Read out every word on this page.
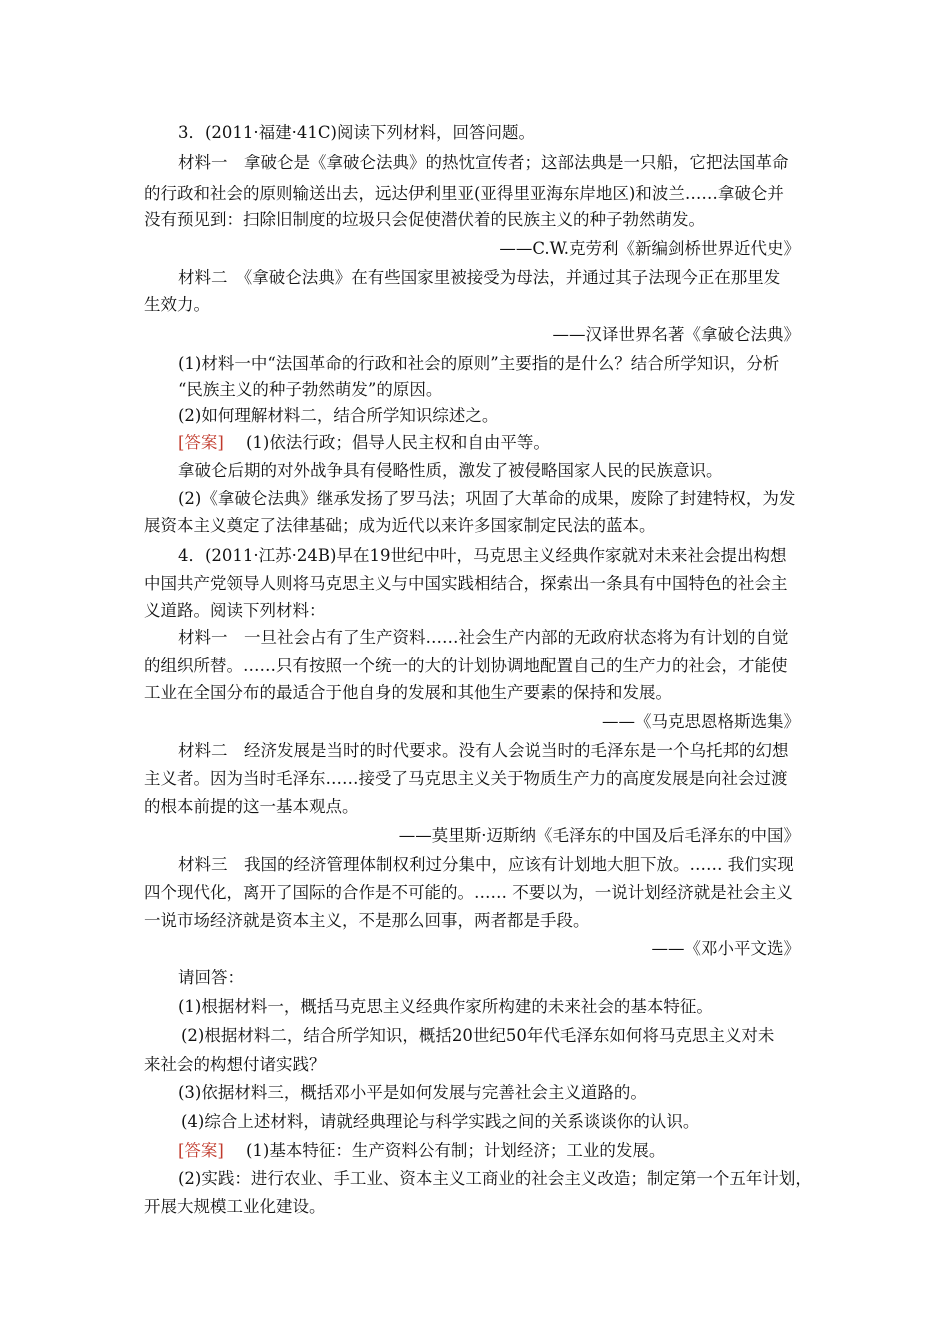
3．(2011·福建·41C)阅读下列材料，回答问题。
材料一　拿破仑是《拿破仑法典》的热忱宣传者；这部法典是一只船，它把法国革命
的行政和社会的原则输送出去，远达伊利里亚(亚得里亚海东岸地区)和波兰……拿破仑并
没有预见到：扫除旧制度的垃圾只会促使潜伏着的民族主义的种子勃然萌发。
——C.W.克劳利《新编剑桥世界近代史》
材料二　《拿破仑法典》在有些国家里被接受为母法，并通过其子法现今正在那里发
生效力。
——汉译世界名著《拿破仑法典》
(1)材料一中“法国革命的行政和社会的原则”主要指的是什么？结合所学知识，分析
“民族主义的种子勃然萌发”的原因。
(2)如何理解材料二，结合所学知识综述之。
[答案]	(1)依法行政；倡导人民主权和自由平等。
拿破仑后期的对外战争具有侵略性质，激发了被侵略国家人民的民族意识。
(2)《拿破仑法典》继承发扬了罗马法；巩固了大革命的成果，废除了封建特权，为发
展资本主义奠定了法律基础；成为近代以来许多国家制定民法的蓝本。
4．(2011·江苏·24B)早在19世纪中叶，马克思主义经典作家就对未来社会提出构想
中国共产党领导人则将马克思主义与中国实践相结合，探索出一条具有中国特色的社会主
义道路。阅读下列材料：
材料一　一旦社会占有了生产资料……社会生产内部的无政府状态将为有计划的自觉
的组织所替。……只有按照一个统一的大的计划协调地配置自己的生产力的社会，才能使
工业在全国分布的最适合于他自身的发展和其他生产要素的保持和发展。
——《马克思恩格斯选集》
材料二　经济发展是当时的时代要求。没有人会说当时的毛泽东是一个乌托邦的幻想
主义者。因为当时毛泽东……接受了马克思主义关于物质生产力的高度发展是向社会过渡
的根本前提的这一基本观点。
——莫里斯·迈斯纳《毛泽东的中国及后毛泽东的中国》
材料三　我国的经济管理体制权利过分集中，应该有计划地大胆下放。…… 我们实现
四个现代化，离开了国际的合作是不可能的。…… 不要以为，一说计划经济就是社会主义
一说市场经济就是资本主义，不是那么回事，两者都是手段。
——《邓小平文选》
请回答：
(1)根据材料一，概括马克思主义经典作家所构建的未来社会的基本特征。
(2)根据材料二，结合所学知识，概括20世纪50年代毛泽东如何将马克思主义对未
来社会的构想付诸实践？
(3)依据材料三，概括邓小平是如何发展与完善社会主义道路的。
(4)综合上述材料，请就经典理论与科学实践之间的关系谈谈你的认识。
[答案]	(1)基本特征：生产资料公有制；计划经济；工业的发展。
(2)实践：进行农业、手工业、资本主义工商业的社会主义改造；制定第一个五年计划，
开展大规模工业化建设。
